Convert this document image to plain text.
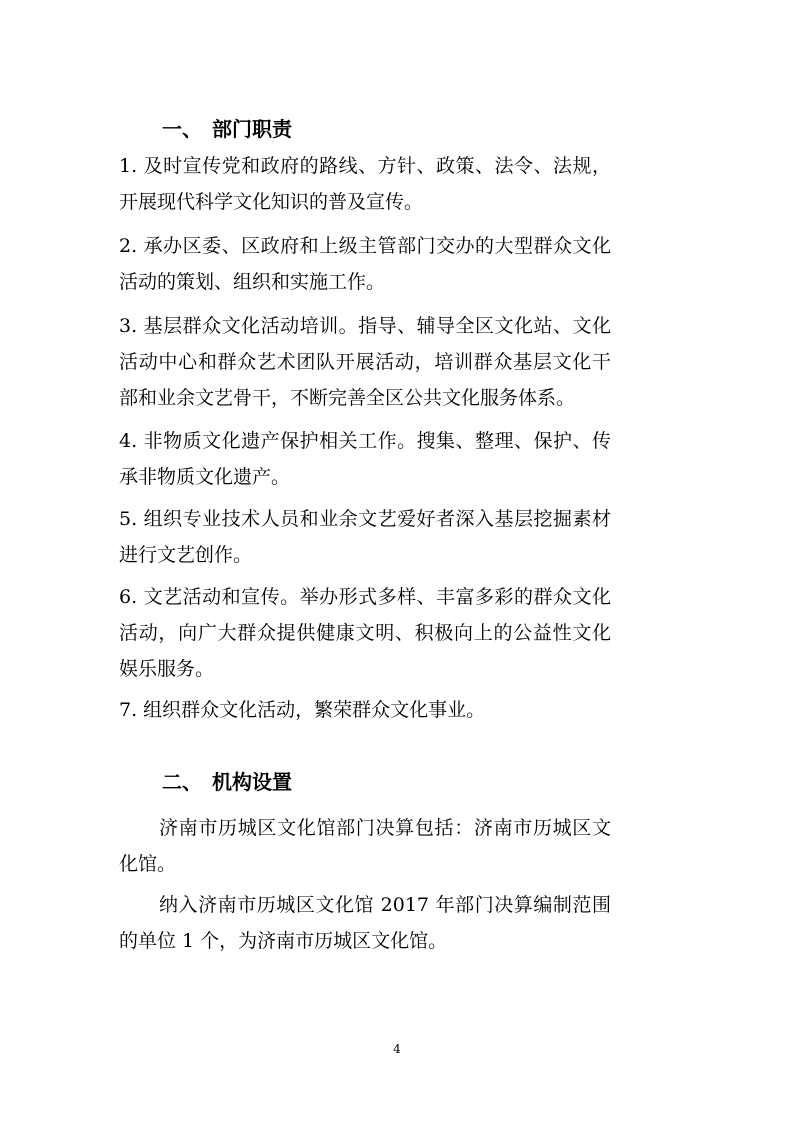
一、 部门职责
1. 及时宣传党和政府的路线、方针、政策、法令、法规，开展现代科学文化知识的普及宣传。
2. 承办区委、区政府和上级主管部门交办的大型群众文化活动的策划、组织和实施工作。
3. 基层群众文化活动培训。指导、辅导全区文化站、文化活动中心和群众艺术团队开展活动，培训群众基层文化干部和业余文艺骨干，不断完善全区公共文化服务体系。
4. 非物质文化遗产保护相关工作。搜集、整理、保护、传承非物质文化遗产。
5. 组织专业技术人员和业余文艺爱好者深入基层挖掘素材进行文艺创作。
6. 文艺活动和宣传。举办形式多样、丰富多彩的群众文化活动，向广大群众提供健康文明、积极向上的公益性文化娱乐服务。
7. 组织群众文化活动，繁荣群众文化事业。
二、 机构设置
济南市历城区文化馆部门决算包括：济南市历城区文化馆。
纳入济南市历城区文化馆 2017 年部门决算编制范围的单位 1 个，为济南市历城区文化馆。
4
